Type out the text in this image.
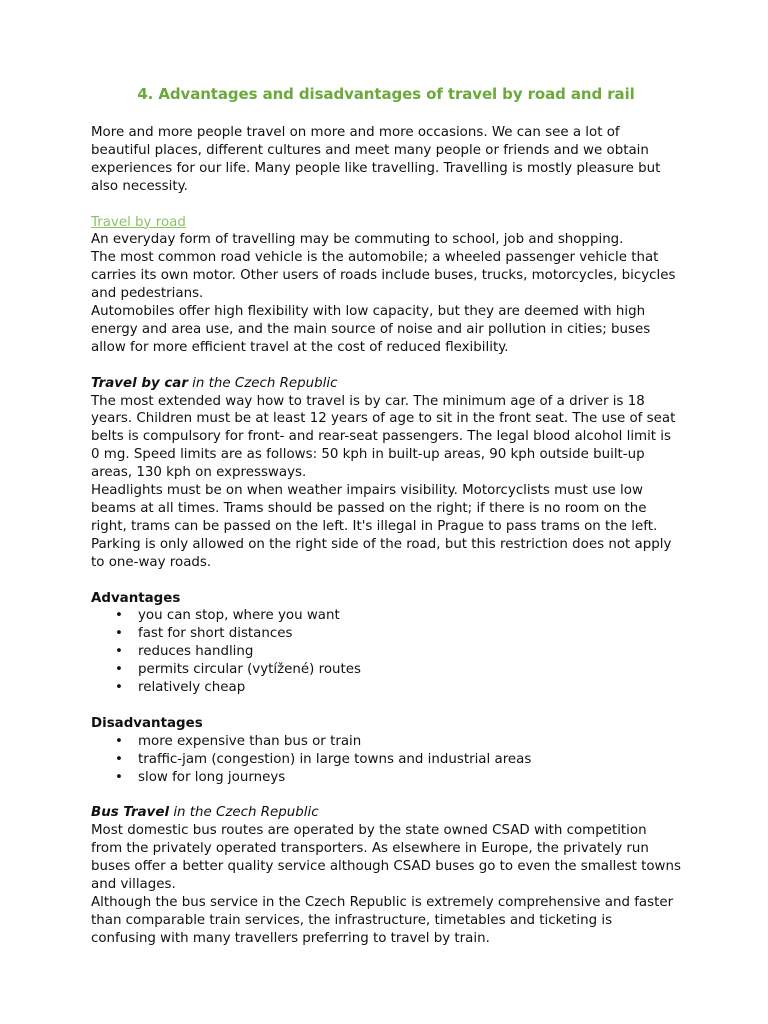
4. Advantages and disadvantages of travel by road and rail

More and more people travel on more and more occasions. We can see a lot of beautiful places, different cultures and meet many people or friends and we obtain experiences for our life. Many people like travelling. Travelling is mostly pleasure but also necessity.

Travel by road

An everyday form of travelling may be commuting to school, job and shopping.

The most common road vehicle is the automobile; a wheeled passenger vehicle that carries its own motor. Other users of roads include buses, trucks, motorcycles, bicycles and pedestrians.

Automobiles offer high flexibility with low capacity, but they are deemed with high energy and area use, and the main source of noise and air pollution in cities; buses allow for more efficient travel at the cost of reduced flexibility.

Travel by car in the Czech Republic

The most extended way how to travel is by car. The minimum age of a driver is 18 years. Children must be at least 12 years of age to sit in the front seat. The use of seat belts is compulsory for front- and rear-seat passengers. The legal blood alcohol limit is 0 mg. Speed limits are as follows: 50 kph in built-up areas, 90 kph outside built-up areas, 130 kph on expressways.

Headlights must be on when weather impairs visibility. Motorcyclists must use low beams at all times. Trams should be passed on the right; if there is no room on the right, trams can be passed on the left. It's illegal in Prague to pass trams on the left.

Parking is only allowed on the right side of the road, but this restriction does not apply to one-way roads.

Advantages

• you can stop, where you want
• fast for short distances
• reduces handling
• permits circular (vytížené) routes
• relatively cheap

Disadvantages

• more expensive than bus or train
• traffic-jam (congestion) in large towns and industrial areas
• slow for long journeys

Bus Travel in the Czech Republic

Most domestic bus routes are operated by the state owned CSAD with competition from the privately operated transporters. As elsewhere in Europe, the privately run buses offer a better quality service although CSAD buses go to even the smallest towns and villages.

Although the bus service in the Czech Republic is extremely comprehensive and faster than comparable train services, the infrastructure, timetables and ticketing is confusing with many travellers preferring to travel by train.
